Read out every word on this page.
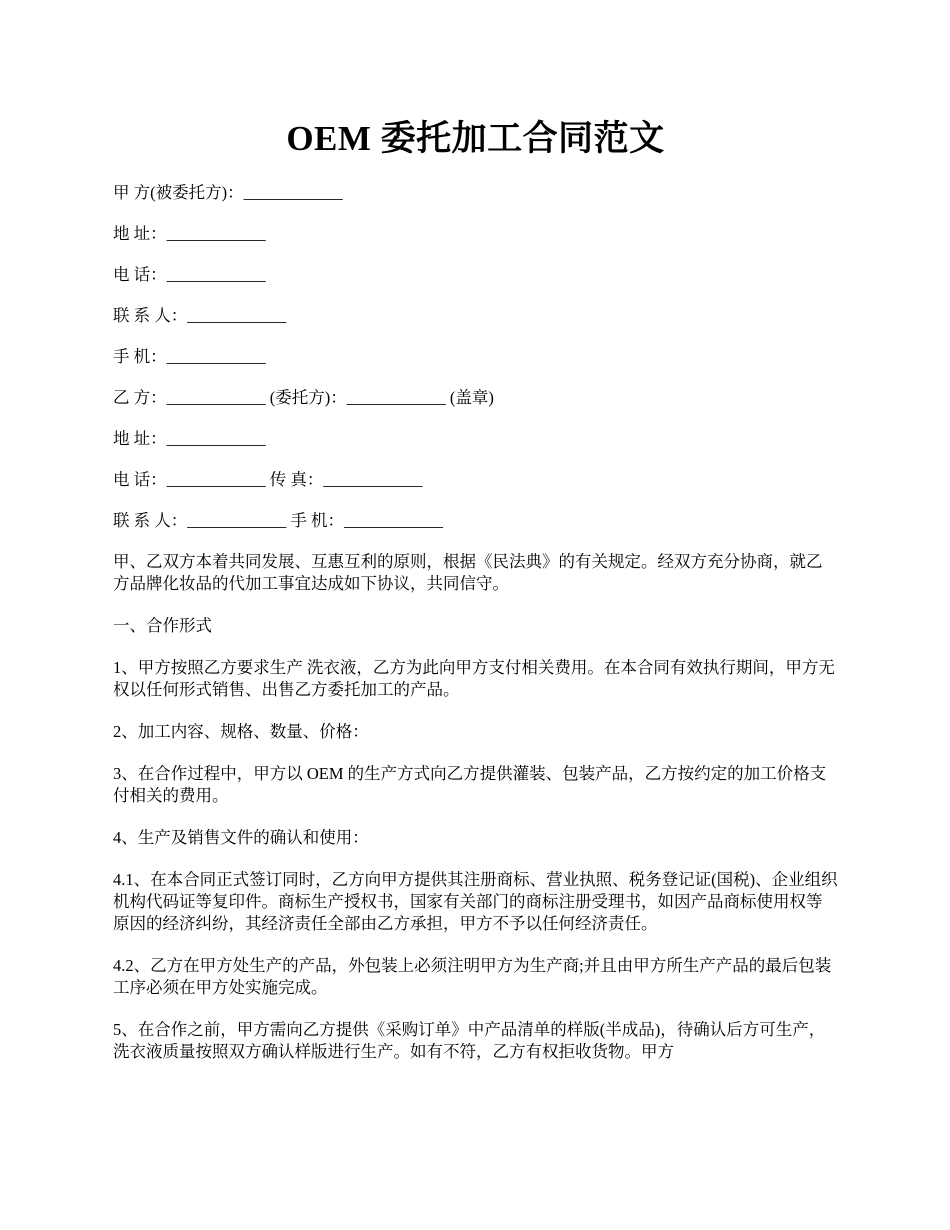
OEM 委托加工合同范文
甲 方(被委托方)：____________
地 址：____________
电 话：____________
联 系 人：____________
手 机：____________
乙 方：____________ (委托方)：____________ (盖章)
地 址：____________
电 话：____________ 传 真：____________
联 系 人：____________ 手 机：____________

甲、乙双方本着共同发展、互惠互利的原则，根据《民法典》的有关规定。经双方充分协商，就乙方品牌化妆品的代加工事宜达成如下协议，共同信守。

一、合作形式

1、甲方按照乙方要求生产 洗衣液，乙方为此向甲方支付相关费用。在本合同有效执行期间，甲方无权以任何形式销售、出售乙方委托加工的产品。

2、加工内容、规格、数量、价格：

3、在合作过程中，甲方以 OEM 的生产方式向乙方提供灌装、包装产品，乙方按约定的加工价格支付相关的费用。

4、生产及销售文件的确认和使用：

4.1、在本合同正式签订同时，乙方向甲方提供其注册商标、营业执照、税务登记证(国税)、企业组织机构代码证等复印件。商标生产授权书，国家有关部门的商标注册受理书，如因产品商标使用权等原因的经济纠纷，其经济责任全部由乙方承担，甲方不予以任何经济责任。

4.2、乙方在甲方处生产的产品，外包装上必须注明甲方为生产商;并且由甲方所生产产品的最后包装工序必须在甲方处实施完成。

5、在合作之前，甲方需向乙方提供《采购订单》中产品清单的样版(半成品)，待确认后方可生产，洗衣液质量按照双方确认样版进行生产。如有不符，乙方有权拒收货物。甲方
